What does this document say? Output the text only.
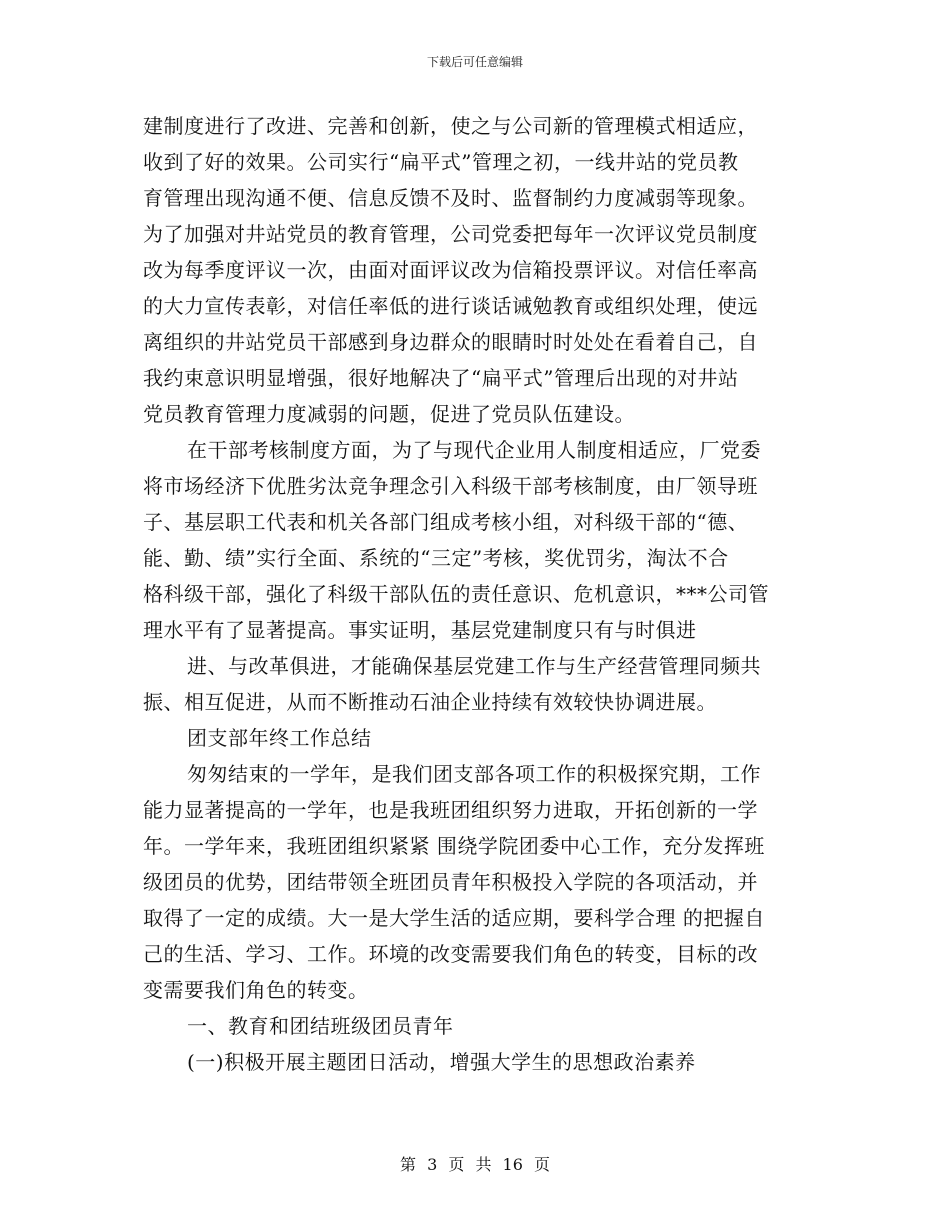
下载后可任意编辑
建制度进行了改进、完善和创新，使之与公司新的管理模式相适应，
收到了好的效果。公司实行“扁平式”管理之初，一线井站的党员教
育管理出现沟通不便、信息反馈不及时、监督制约力度减弱等现象。
为了加强对井站党员的教育管理，公司党委把每年一次评议党员制度
改为每季度评议一次，由面对面评议改为信箱投票评议。对信任率高
的大力宣传表彰，对信任率低的进行谈话诫勉教育或组织处理，使远
离组织的井站党员干部感到身边群众的眼睛时时处处在看着自己，自
我约束意识明显增强，很好地解决了“扁平式”管理后出现的对井站
党员教育管理力度减弱的问题，促进了党员队伍建设。
在干部考核制度方面，为了与现代企业用人制度相适应，厂党委
将市场经济下优胜劣汰竞争理念引入科级干部考核制度，由厂领导班
子、基层职工代表和机关各部门组成考核小组，对科级干部的“德、
能、勤、绩”实行全面、系统的“三定”考核，奖优罚劣，淘汰不合
格科级干部，强化了科级干部队伍的责任意识、危机意识，***公司管
理水平有了显著提高。事实证明，基层党建制度只有与时俱进
进、与改革俱进，才能确保基层党建工作与生产经营管理同频共
振、相互促进，从而不断推动石油企业持续有效较快协调进展。
团支部年终工作总结
匆匆结束的一学年，是我们团支部各项工作的积极探究期，工作
能力显著提高的一学年，也是我班团组织努力进取，开拓创新的一学
年。一学年来，我班团组织紧紧 围绕学院团委中心工作，充分发挥班
级团员的优势，团结带领全班团员青年积极投入学院的各项活动，并
取得了一定的成绩。大一是大学生活的适应期，要科学合理 的把握自
己的生活、学习、工作。环境的改变需要我们角色的转变，目标的改
变需要我们角色的转变。
一、教育和团结班级团员青年
(一)积极开展主题团日活动，增强大学生的思想政治素养
第 3 页 共 16 页
